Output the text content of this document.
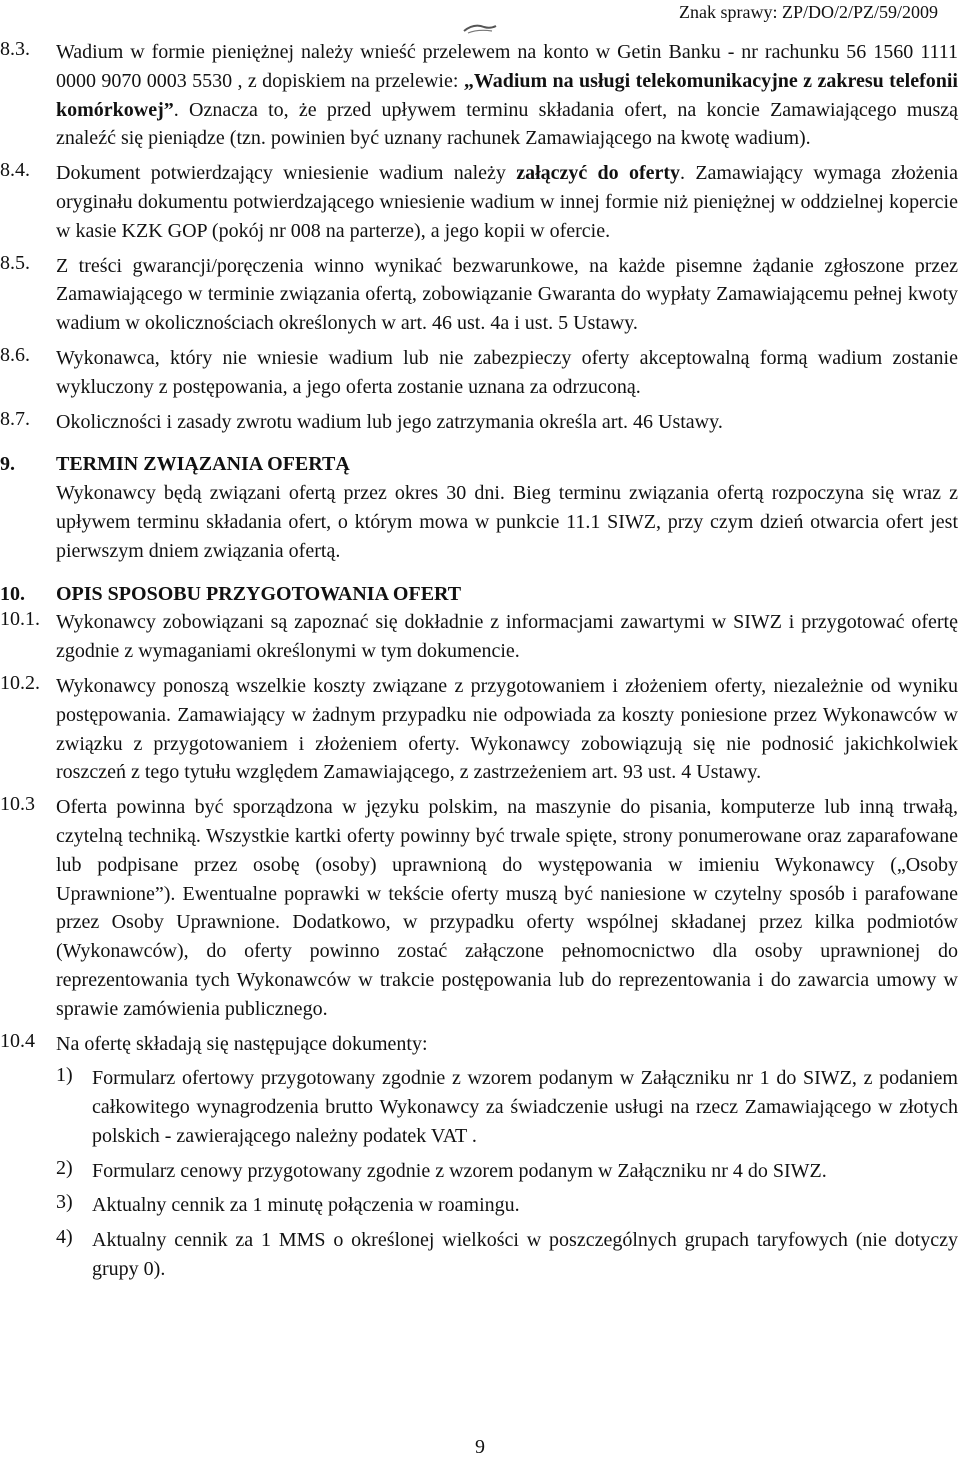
Znak sprawy: ZP/DO/2/PZ/59/2009
8.3. Wadium w formie pieniężnej należy wnieść przelewem na konto w Getin Banku - nr rachunku 56 1560 1111 0000 9070 0003 5530 , z dopiskiem na przelewie: „Wadium na usługi telekomunikacyjne z zakresu telefonii komórkowej”. Oznacza to, że przed upływem terminu składania ofert, na koncie Zamawiającego muszą znaleźć się pieniądze (tzn. powinien być uznany rachunek Zamawiającego na kwotę wadium).
8.4. Dokument potwierdzający wniesienie wadium należy załączyć do oferty. Zamawiający wymaga złożenia oryginału dokumentu potwierdzającego wniesienie wadium w innej formie niż pieniężnej w oddzielnej kopercie w kasie KZK GOP (pokój nr 008 na parterze), a jego kopii w ofercie.
8.5. Z treści gwarancji/poręczenia winno wynikać bezwarunkowe, na każde pisemne żądanie zgłoszone przez Zamawiającego w terminie związania ofertą, zobowiązanie Gwaranta do wypłaty Zamawiającemu pełnej kwoty wadium w okolicznościach określonych w art. 46 ust. 4a i ust. 5 Ustawy.
8.6. Wykonawca, który nie wniesie wadium lub nie zabezpieczy oferty akceptowalną formą wadium zostanie wykluczony z postępowania, a jego oferta zostanie uznana za odrzuconą.
8.7. Okoliczności i zasady zwrotu wadium lub jego zatrzymania określa art. 46 Ustawy.
9. TERMIN ZWIĄZANIA OFERTĄ
Wykonawcy będą związani ofertą przez okres 30 dni. Bieg terminu związania ofertą rozpoczyna się wraz z upływem terminu składania ofert, o którym mowa w punkcie 11.1 SIWZ, przy czym dzień otwarcia ofert jest pierwszym dniem związania ofertą.
10. OPIS SPOSOBU PRZYGOTOWANIA OFERT
10.1. Wykonawcy zobowiązani są zapoznać się dokładnie z informacjami zawartymi w SIWZ i przygotować ofertę zgodnie z wymaganiami określonymi w tym dokumencie.
10.2. Wykonawcy ponoszą wszelkie koszty związane z przygotowaniem i złożeniem oferty, niezależnie od wyniku postępowania. Zamawiający w żadnym przypadku nie odpowiada za koszty poniesione przez Wykonawców w związku z przygotowaniem i złożeniem oferty. Wykonawcy zobowiązują się nie podnosić jakichkolwiek roszczeń z tego tytułu względem Zamawiającego, z zastrzeżeniem art. 93 ust. 4 Ustawy.
10.3 Oferta powinna być sporządzona w języku polskim, na maszynie do pisania, komputerze lub inną trwałą, czytelną techniką. Wszystkie kartki oferty powinny być trwale spięte, strony ponumerowane oraz zaparafowane lub podpisane przez osobę (osoby) uprawnioną do występowania w imieniu Wykonawcy („Osoby Uprawnione”). Ewentualne poprawki w tekście oferty muszą być naniesione w czytelny sposób i parafowane przez Osoby Uprawnione. Dodatkowo, w przypadku oferty wspólnej składanej przez kilka podmiotów (Wykonawców), do oferty powinno zostać załączone pełnomocnictwo dla osoby uprawnionej do reprezentowania tych Wykonawców w trakcie postępowania lub do reprezentowania i do zawarcia umowy w sprawie zamówienia publicznego.
10.4 Na ofertę składają się następujące dokumenty:
1) Formularz ofertowy przygotowany zgodnie z wzorem podanym w Załączniku nr 1 do SIWZ, z podaniem całkowitego wynagrodzenia brutto Wykonawcy za świadczenie usługi na rzecz Zamawiającego w złotych polskich - zawierającego należny podatek VAT .
2) Formularz cenowy przygotowany zgodnie z wzorem podanym w Załączniku nr 4 do SIWZ.
3) Aktualny cennik za 1 minutę połączenia w roamingu.
4) Aktualny cennik za 1 MMS o określonej wielkości w poszczególnych grupach taryfowych (nie dotyczy grupy 0).
9
